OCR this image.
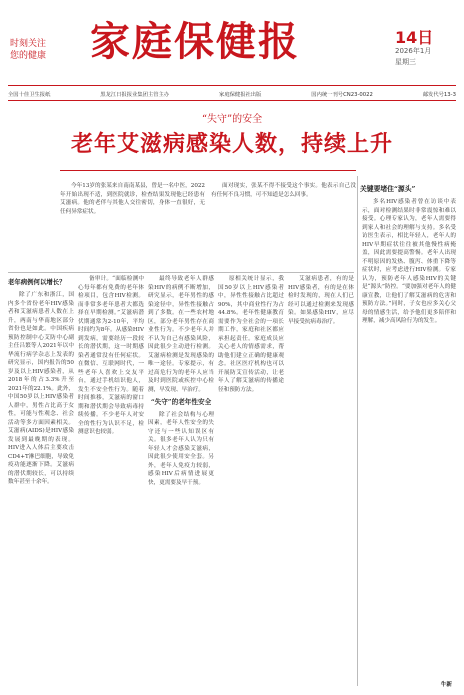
时刻关注
您的健康 家庭保健报	14日
2026年1月
星期三
全国十佳卫生报纸	黑龙江日报报业集团主管主办	家庭保健报社出版	国内统一刊号CN23-0022	邮发代号13-3
“失守”的安全
老年艾滋病感染人数，持续上升

今年13岁的张某来自南南某县，曾是一名中医，2022年开始出现不适，到医院就诊，检查结果发现他已经患有艾滋病。他的老伴与其他人交往密切，身体一直很好，无任何异常症状。

面对现实，张某不得不接受这个事实。他表示自己没有任何不良习惯，可不知道是怎么回事。

关键要堵住“源头”
老年病例何以增长？

除了广东和浙江，国内多个省份老年HIV感染者和艾滋病患者人数在上升，两南与华南地区部分省份也是如此。中国疾病预防控制中心艾防中心副主任吕繁等人2021年以中华流行病学杂志上发表的研究显示，国内报告的50岁及以上HIV感染者，从2018年的占3.3%升至2021年的22.1%。此外，中国50岁以上HIV感染者人群中，男性占比高于女性，可能与性观念、社会活动等多方面因素相关。艾滋病(AIDS)是HIV感染发展到最晚期的表现。HIV进入人体后主要攻击CD4+T淋巴细胞，导致免疫功能逐渐下降。艾滋病的潜伏期较长，可以持续数年甚至十余年。

备审计。“面临检测中心每年都有免费的老年体检项目，包含HIV检测。而非常多老年患者大都选择在早期检测。”艾滋病潜伏期通常为2-10年，平均时间约为8年。从感染HIV到发病，需要经历一段较长的潜伏期，这一时期感染者通常没有任何症状。在微信、互联网时代，一些老年人喜欢上交友平台，通过手机结识他人，发生不安全性行为。随着时间推移，艾滋病的窗口期和潜伏期会导致病毒持续传播。不少老年人对安全的性行为认识不足，检测意识也较弱。

最终导致老年人群感染HIV的病例不断增加，研究显示，老年男性的感染途径中，异性性接触占到了多数。在一些农村地区，部分老年男性存在商业性行为。不少老年人并不认为自己有感染风险，因此很少主动进行检测。艾滋病检测是发现感染的唯一途径。专家提示，有过高危行为的老年人应当及时到医院或疾控中心检测，早发现、早治疗。

“失守”的老年性安全

除了社会结构与心理因素，老年人性安全的失守还与一些认知误区有关。很多老年人认为只有年轻人才会感染艾滋病，因此很少使用安全套。另外，老年人免疫力较弱，感染HIV后病情进展更快，更需要及早干预。

原相关统计显示，我国50岁以上HIV感染者中，异性性接触占比超过90%，其中商业性行为占44.8%。老年性健康教育需要作为全社会的一项长期工作，家庭和社区都应承担起责任。家庭成员应关心老人的情感需求，帮助他们建立正确的健康观念。社区医疗机构也可以开展防艾宣传活动，让老年人了解艾滋病的传播途径和预防方法。

艾滋病患者，有的是HIV感染者，有的是在体检时发现的，现在人们已经可以通过检测来发现感染。如果感染HIV，应尽早接受抗病毒治疗。

多名HIV感染者曾在访谈中表示，面对检测结果时非常震惊和难以接受。心理专家认为，老年人需要得到家人和社会的理解与支持。多名受访医生表示，相比年轻人，老年人的HIV早期症状往往被其他慢性病掩盖，因此需要提高警惕。老年人出现不明原因的发热、腹泻、体重下降等症状时，应考虑进行HIV检测。专家认为，预防老年人感染HIV的关键是“源头”防控。“要加强对老年人的健康宣教，让他们了解艾滋病的危害和预防方法。”同时，子女也应多关心父母的情感生活，给予他们更多陪伴和理解，减少高风险行为的发生。

牛新
